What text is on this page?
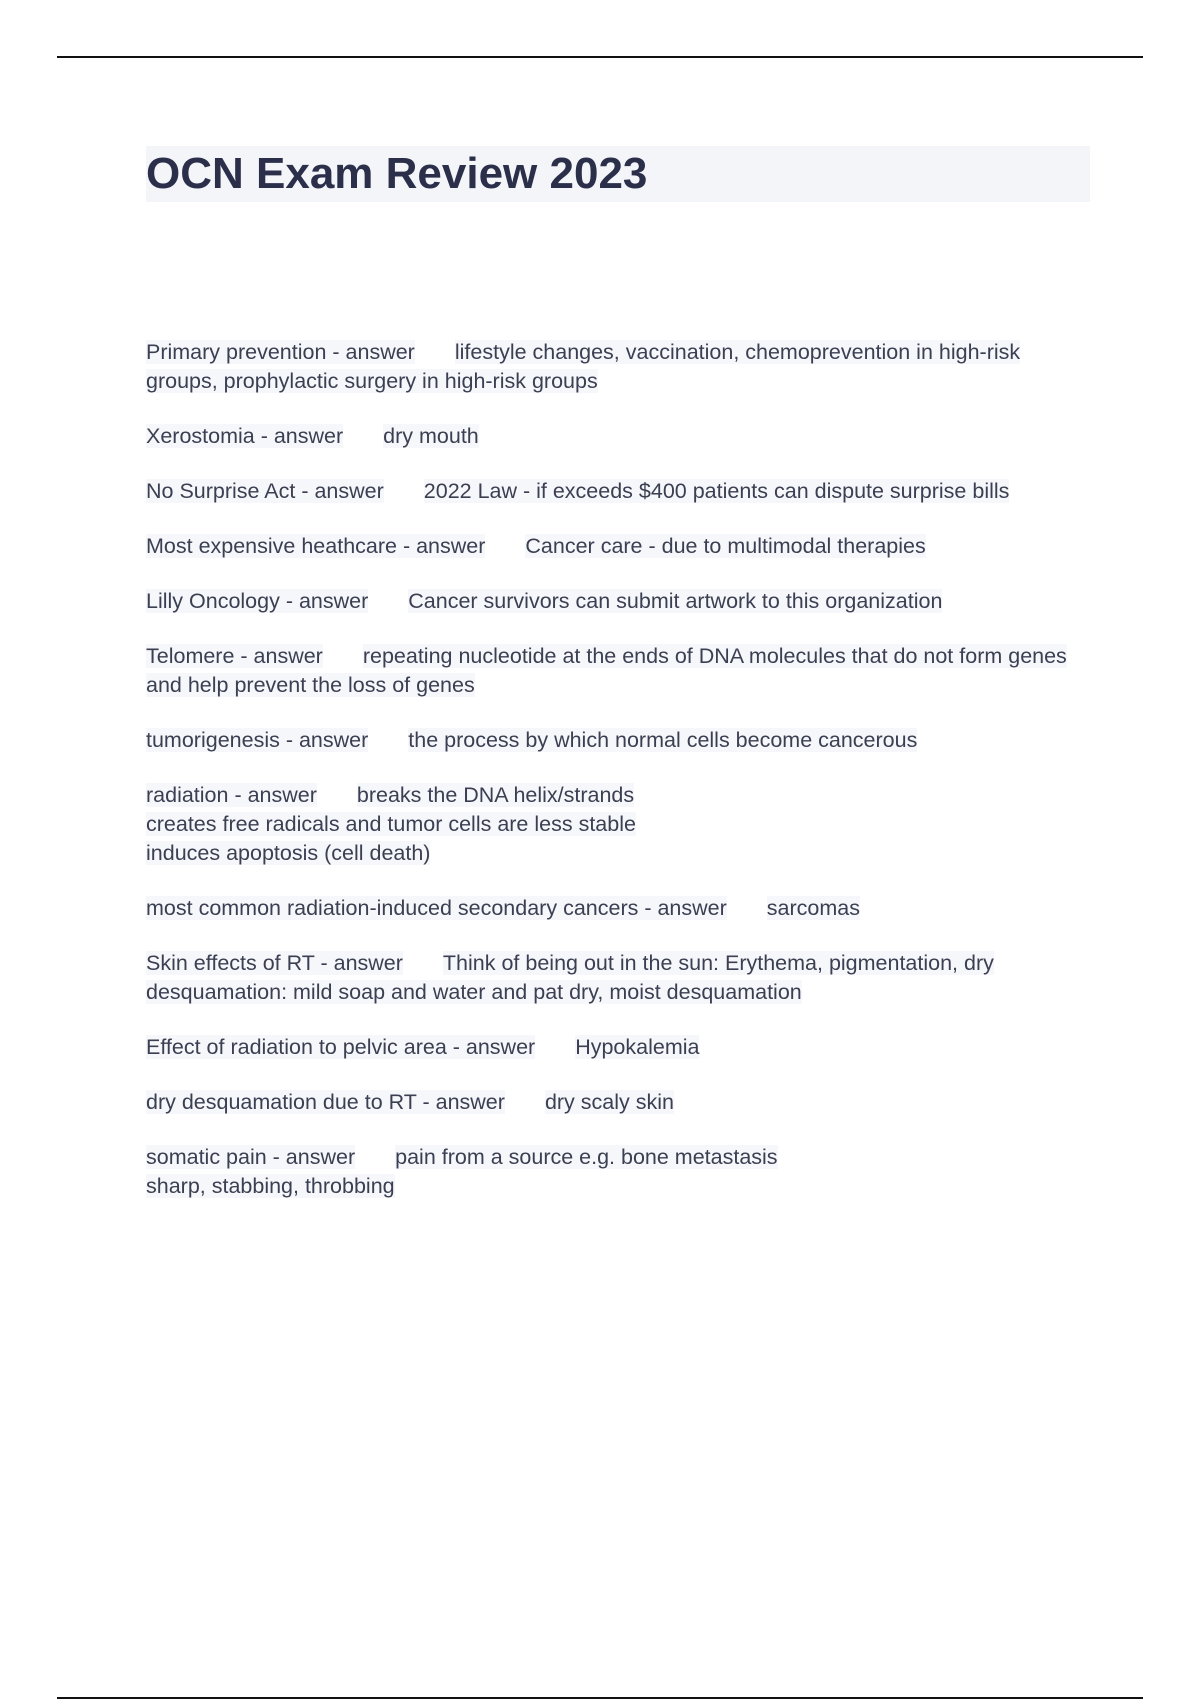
OCN Exam Review 2023

Primary prevention - answer lifestyle changes, vaccination, chemoprevention in high-risk groups, prophylactic surgery in high-risk groups

Xerostomia - answer dry mouth

No Surprise Act - answer 2022 Law - if exceeds $400 patients can dispute surprise bills

Most expensive heathcare - answer Cancer care - due to multimodal therapies

Lilly Oncology - answer Cancer survivors can submit artwork to this organization

Telomere - answer repeating nucleotide at the ends of DNA molecules that do not form genes and help prevent the loss of genes

tumorigenesis - answer the process by which normal cells become cancerous

radiation - answer breaks the DNA helix/strands
creates free radicals and tumor cells are less stable
induces apoptosis (cell death)

most common radiation-induced secondary cancers - answer sarcomas

Skin effects of RT - answer Think of being out in the sun: Erythema, pigmentation, dry desquamation: mild soap and water and pat dry, moist desquamation

Effect of radiation to pelvic area - answer Hypokalemia

dry desquamation due to RT - answer dry scaly skin

somatic pain - answer pain from a source e.g. bone metastasis
sharp, stabbing, throbbing
